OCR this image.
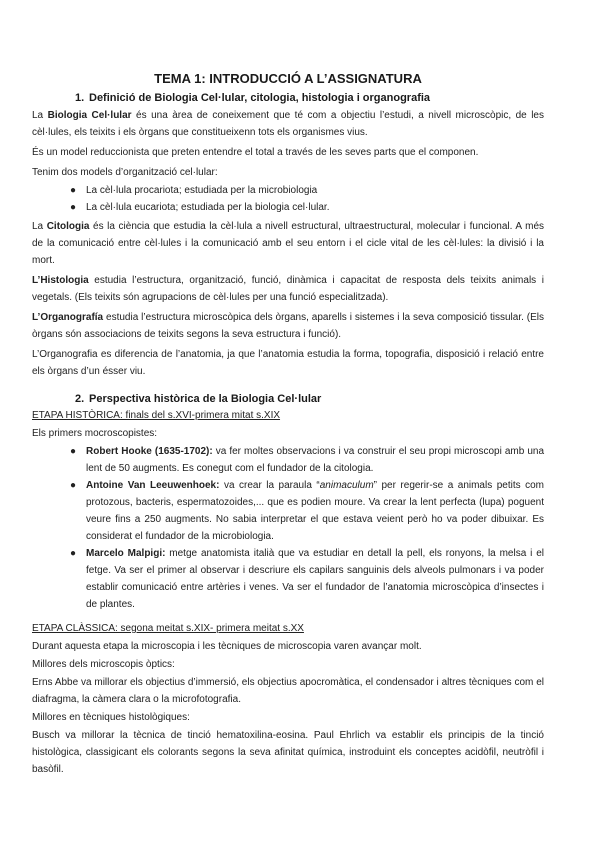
TEMA 1: INTRODUCCIÓ A L’ASSIGNATURA
1. Definició de Biologia Cel·lular, citologia, histologia i organografia

La Biologia Cel·lular és una àrea de coneixement que té com a objectiu l’estudi, a nivell microscòpic, de les cèl·lules, els teixits i els òrgans que constitueixenn tots els organismes vius.

És un model reduccionista que preten entendre el total a través de les seves parts que el componen.

Tenim dos models d’organització cel·lular:

● La cèl·lula procariota; estudiada per la microbiologia
● La cèl·lula eucariota; estudiada per la biologia cel·lular.

La Citologia és la ciència que estudia la cèl·lula a nivell estructural, ultraestructural, molecular i funcional. A més de la comunicació entre cèl·lules i la comunicació amb el seu entorn i el cicle vital de les cèl·lules: la divisió i la mort.

L’Histologia estudia l’estructura, organització, funció, dinàmica i capacitat de resposta dels teixits animals i vegetals. (Els teixits són agrupacions de cèl·lules per una funció especialitzada).

L’Organografía estudia l’estructura microscòpica dels òrgans, aparells i sistemes i la seva composició tissular. (Els òrgans són associacions de teixits segons la seva estructura i funció).

L’Organografia es diferencia de l’anatomia, ja que l’anatomia estudia la forma, topografia, disposició i relació entre els òrgans d’un ésser viu.

2. Perspectiva històrica de la Biologia Cel·lular
ETAPA HISTÒRICA: finals del s.XVI-primera mitat s.XIX

Els primers mocroscopistes:

● Robert Hooke (1635-1702): va fer moltes observacions i va construir el seu propi microscopi amb una lent de 50 augments. Es conegut com el fundador de la citologia.
● Antoine Van Leeuwenhoek: va crear la paraula “animaculum” per regerir-se a animals petits com protozous, bacteris, espermatozoides,... que es podien moure. Va crear la lent perfecta (lupa) poguent veure fins a 250 augments. No sabia interpretar el que estava veient però ho va poder dibuixar. Es considerat el fundador de la microbiologia.
● Marcelo Malpigi: metge anatomista italià que va estudiar en detall la pell, els ronyons, la melsa i el fetge. Va ser el primer al observar i descriure els capilars sanguinis dels alveols pulmonars i va poder establir comunicació entre artèries i venes. Va ser el fundador de l’anatomia microscòpica d’insectes i de plantes.
ETAPA CLÀSSICA: segona meitat s.XIX- primera meitat s.XX

Durant aquesta etapa la microscopia i les tècniques de microscopia varen avançar molt.

Millores dels microscopis òptics:

Erns Abbe va millorar els objectius d’immersió, els objectius apocromàtica, el condensador i altres tècniques com el diafragma, la càmera clara o la microfotografia.

Millores en tècniques histològiques:

Busch va millorar la tècnica de tinció hematoxilina-eosina. Paul Ehrlich va establir els principis de la tinció histològica, classigicant els colorants segons la seva afinitat química, instroduint els conceptes acidòfil, neutròfil i basòfil.
